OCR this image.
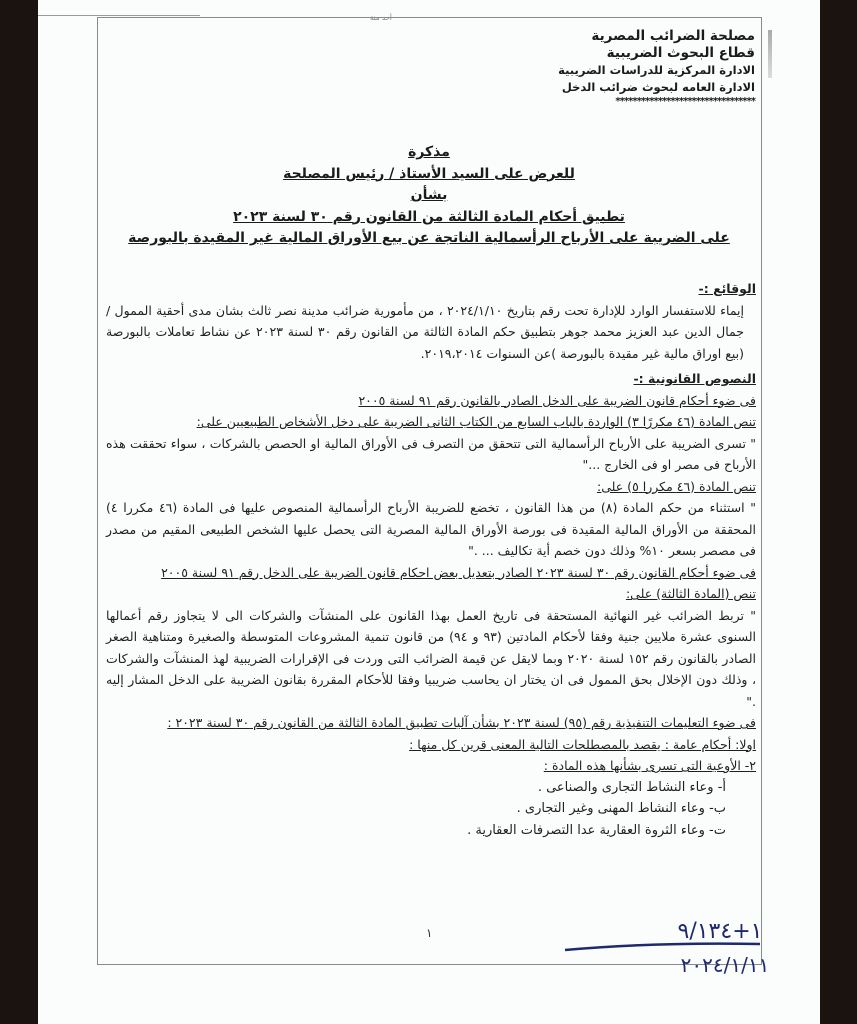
أحد منة
مصلحة الضرائب المصرية
قطاع البحوث الضريبية
الادارة المركزية للدراسات الضريبية
الادارة العامه لبحوث ضرائب الدخل
*********************************
مذكرة
للعرض على السيد الأستاذ / رئيس المصلحة
بشأن
تطبيق أحكام المادة الثالثة من القانون رقم ٣٠ لسنة ٢٠٢٣
على الضريبة على الأرباح الرأسمالية الناتجة عن بيع الأوراق المالية غير المقيدة بالبورصة

الوقائع :-

إيماء للاستفسار الوارد للإدارة تحت رقم بتاريخ ٢٠٢٤/١/١٠ ، من مأمورية ضرائب مدينة نصر ثالث بشان مدى أحقية الممول / جمال الدين عبد العزيز محمد جوهر بتطبيق حكم المادة الثالثة من القانون رقم ٣٠ لسنة ٢٠٢٣ عن نشاط تعاملات بالبورصة (بيع اوراق مالية غير مقيدة بالبورصة )عن السنوات ٢٠١٩،٢٠١٤.

النصوص القانونية :-

فى ضوء أحكام قانون الضريبة على الدخل الصادر بالقانون رقم ٩١ لسنة ٢٠٠٥

تنص المادة (٤٦ مكررًا ٣) الواردة بالباب السابع من الكتاب الثانى الضريبة على دخل الأشخاص الطبيعيين على:

" تسرى الضريبة على الأرباح الرأسمالية التى تتحقق من التصرف فى الأوراق المالية او الحصص بالشركات ، سواء تحققت هذه الأرباح فى مصر او فى الخارج ..."

تنص المادة (٤٦ مكررا ٥) على:

" استثناء من حكم المادة (٨) من هذا القانون ، تخضع للضريبة الأرباح الرأسمالية المنصوص عليها فى المادة (٤٦ مكررا ٤) المحققة من الأوراق المالية المقيدة فى بورصة الأوراق المالية المصرية التى يحصل عليها الشخص الطبيعى المقيم من مصدر فى مصصر بسعر ١٠% وذلك دون خصم أية تكاليف ... ."

فى ضوء أحكام القانون رقم ٣٠ لسنة ٢٠٢٣ الصادر بتعديل بعض احكام قانون الضريبة على الدخل رقم ٩١ لسنة ٢٠٠٥

تنص (المادة الثالثة) على:

" تربط الضرائب غير النهائية المستحقة فى تاريخ العمل بهذا القانون على المنشآت والشركات الى لا يتجاوز رقم أعمالها السنوى عشرة ملايين جنية وفقا لأحكام المادتين (٩٣ و ٩٤) من قانون تنمية المشروعات المتوسطة والصغيرة ومتناهية الصغر الصادر بالقانون رقم ١٥٢ لسنة ٢٠٢٠ وبما لايقل عن قيمة الضرائب التى وردت فى الإقرارات الضريبية لهذ المنشآت والشركات ، وذلك دون الإخلال بحق الممول فى ان يختار ان يحاسب ضريبيا وفقا للأحكام المقررة بقانون الضريبة على الدخل المشار إليه ."

فى ضوء التعليمات التنفيذية رقم (٩٥) لسنة ٢٠٢٣ بشأن آليات تطبيق المادة الثالثة من القانون رقم ٣٠ لسنة ٢٠٢٣ :

اولا: أحكام عامة : يقصد بالمصطلحات التالية المعنى قرين كل منها :

٢- الأوعية التى تسرى بشأنها هذه المادة :

أ- وعاء النشاط التجارى والصناعى .
ب- وعاء النشاط المهنى وغير التجارى .
ت- وعاء الثروة العقارية عدا التصرفات العقارية .
١	١+٩/١٣٤
٢٠٢٤/١/١١
